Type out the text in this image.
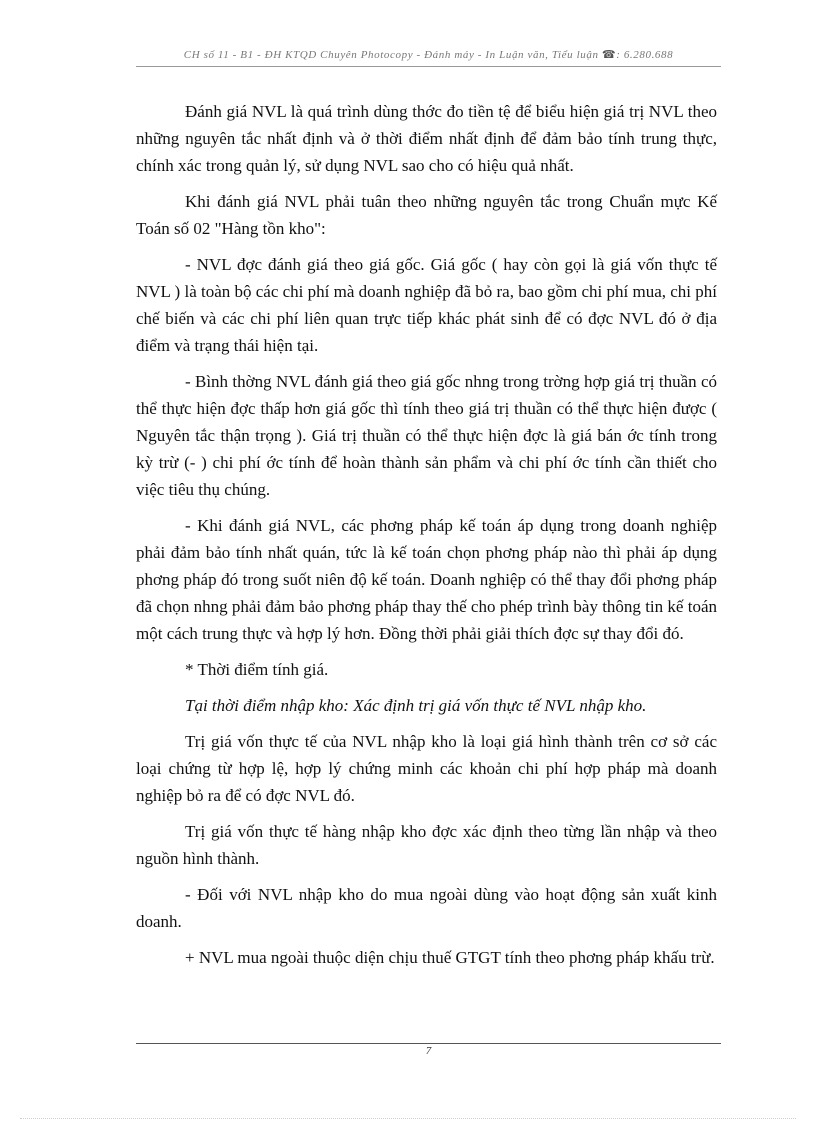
CH số 11 - B1 - ĐH KTQD Chuyên Photocopy - Đánh máy - In Luận văn, Tiểu luận ☎: 6.280.688

Đánh giá NVL là quá trình dùng thớc đo tiền tệ để biểu hiện giá trị NVL theo những nguyên tắc nhất định và ở thời điểm nhất định để đảm bảo tính trung thực, chính xác trong quản lý, sử dụng NVL sao cho có hiệu quả nhất.

Khi đánh giá NVL phải tuân theo những nguyên tắc trong Chuẩn mực Kế Toán số 02 "Hàng tồn kho":

- NVL đợc đánh giá theo giá gốc. Giá gốc ( hay còn gọi là giá vốn thực tế NVL ) là toàn bộ các chi phí mà doanh nghiệp đã bỏ ra, bao gồm chi phí mua, chi phí chế biến và các chi phí liên quan trực tiếp khác phát sinh để có đợc NVL đó ở địa điểm và trạng thái hiện tại.

- Bình thờng NVL đánh giá theo giá gốc nhng trong trờng hợp giá trị thuần có thể thực hiện đợc thấp hơn giá gốc thì tính theo giá trị thuần có thể thực hiện được ( Nguyên tắc thận trọng ). Giá trị thuần có thể thực hiện đợc là giá bán ớc tính trong kỳ trừ (- ) chi phí ớc tính để hoàn thành sản phẩm và chi phí ớc tính cần thiết cho việc tiêu thụ chúng.

- Khi đánh giá NVL, các phơng pháp kế toán áp dụng trong doanh nghiệp phải đảm bảo tính nhất quán, tức là kế toán chọn phơng pháp nào thì phải áp dụng phơng pháp đó trong suốt niên độ kế toán. Doanh nghiệp có thể thay đổi phơng pháp đã chọn nhng phải đảm bảo phơng pháp thay thế cho phép trình bày thông tin kế toán một cách trung thực và hợp lý hơn. Đồng thời phải giải thích đợc sự thay đổi đó.

* Thời điểm tính giá.

Tại thời điểm nhập kho: Xác định trị giá vốn thực tế NVL nhập kho.

Trị giá vốn thực tế của NVL nhập kho là loại giá hình thành trên cơ sở các loại chứng từ hợp lệ, hợp lý chứng minh các khoản chi phí hợp pháp mà doanh nghiệp bỏ ra để có đợc NVL đó.

Trị giá vốn thực tế hàng nhập kho đợc xác định theo từng lần nhập và theo nguồn hình thành.

- Đối với NVL nhập kho do mua ngoài dùng vào hoạt động sản xuất kinh doanh.

+ NVL mua ngoài thuộc diện chịu thuế GTGT tính theo phơng pháp khấu trừ.

7
